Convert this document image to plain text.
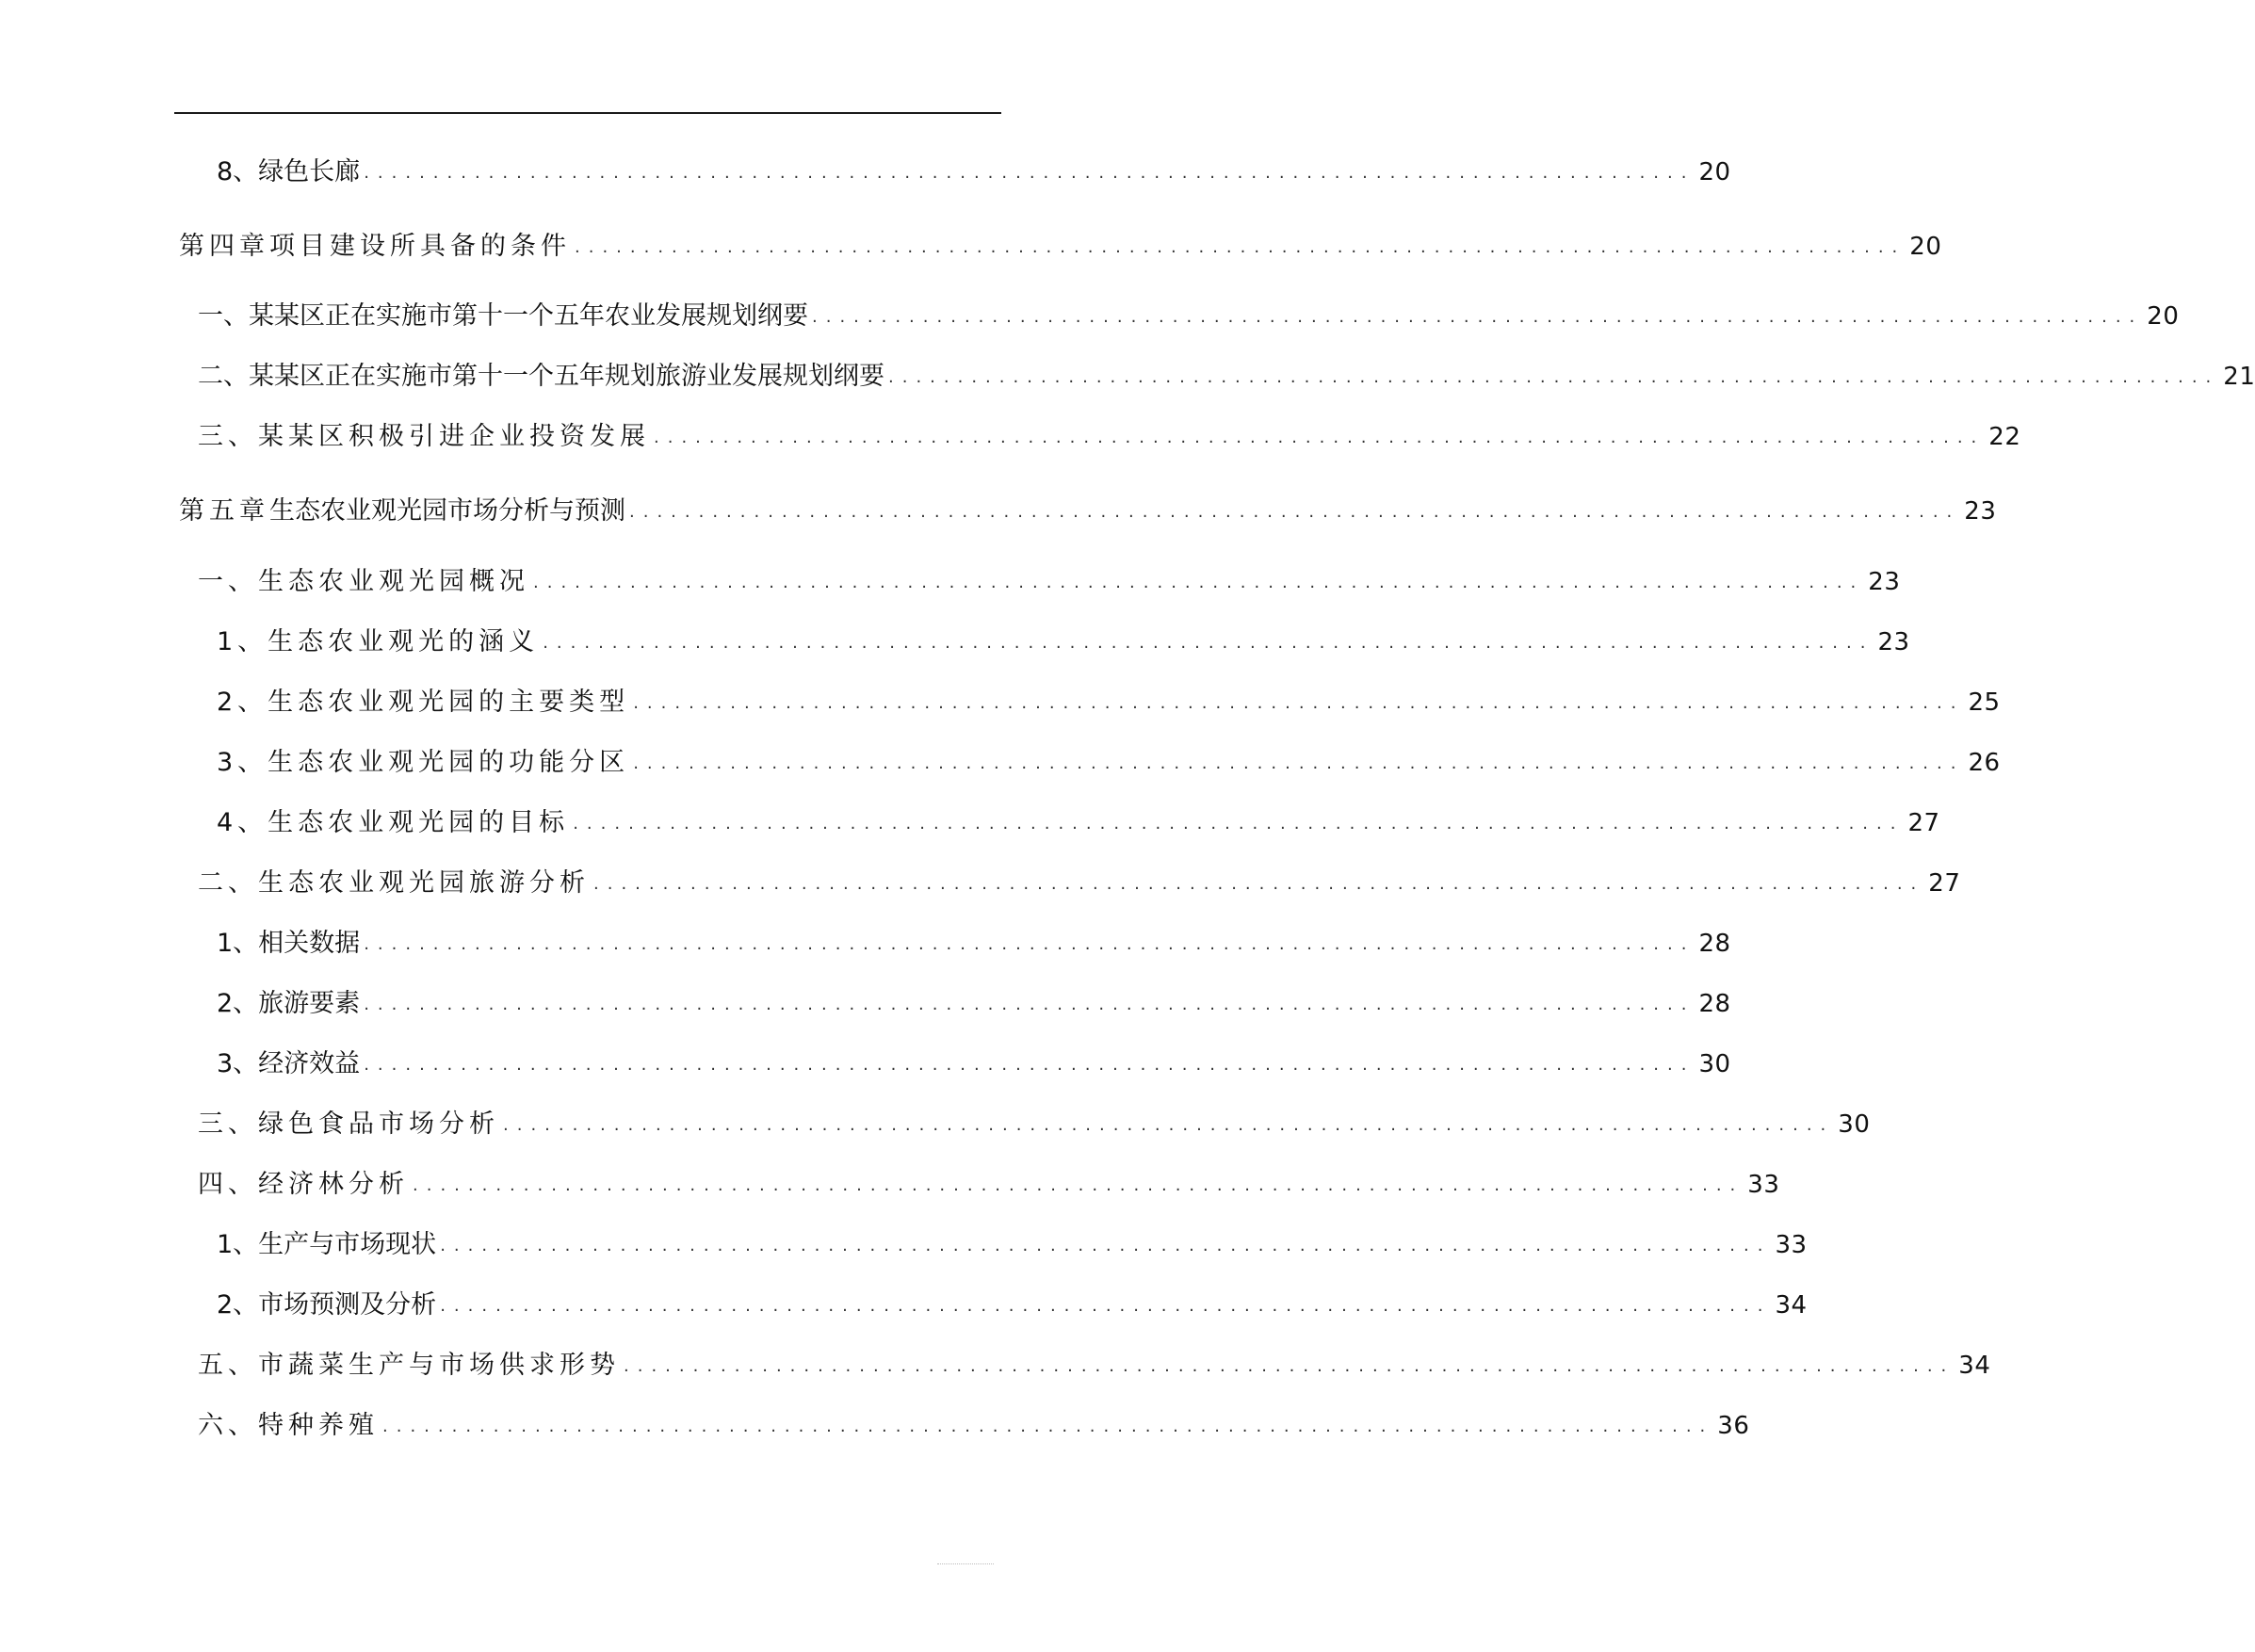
8、绿色长廊 ................................................................................................ 20
第四章 项目建设所具备的条件 ................................................................................................ 20
一、某某区正在实施市第十一个五年农业发展规划纲要 ................................................................................................ 20
二、某某区正在实施市第十一个五年规划旅游业发展规划纲要 ................................................................................................ 21
三、某某区积极引进企业投资发展 ................................................................................................ 22
第五章 生态农业观光园市场分析与预测 ................................................................................................ 23
一、生态农业观光园概况 ................................................................................................ 23
1、生态农业观光的涵义 ................................................................................................ 23
2、生态农业观光园的主要类型 ................................................................................................ 25
3、生态农业观光园的功能分区 ................................................................................................ 26
4、生态农业观光园的目标 ................................................................................................ 27
二、生态农业观光园旅游分析 ................................................................................................ 27
1、相关数据 ................................................................................................ 28
2、旅游要素 ................................................................................................ 28
3、经济效益 ................................................................................................ 30
三、绿色食品市场分析 ................................................................................................ 30
四、经济林分析 ................................................................................................ 33
1、生产与市场现状 ................................................................................................ 33
2、市场预测及分析 ................................................................................................ 34
五、市蔬菜生产与市场供求形势 ................................................................................................ 34
六、特种养殖 ................................................................................................ 36
